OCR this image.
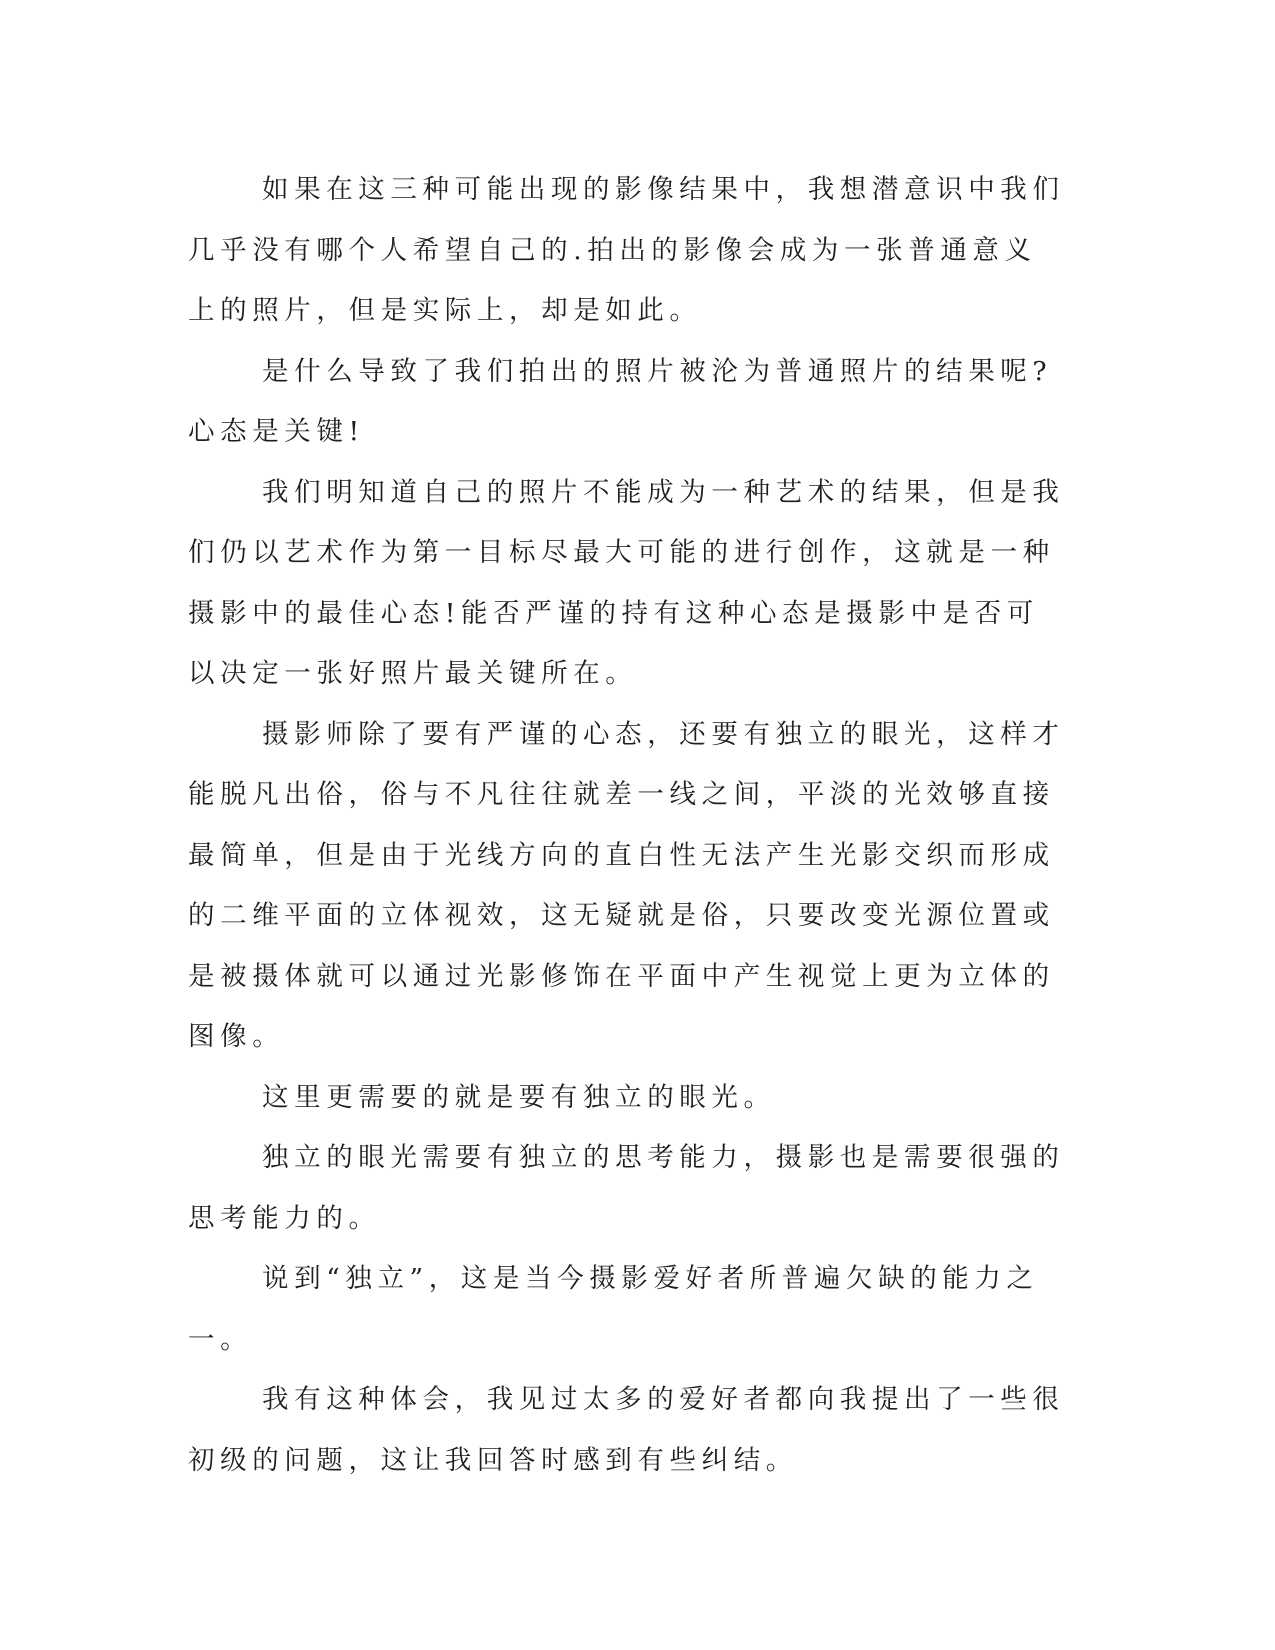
如果在这三种可能出现的影像结果中，我想潜意识中我们几乎没有哪个人希望自己的.拍出的影像会成为一张普通意义上的照片，但是实际上，却是如此。

是什么导致了我们拍出的照片被沦为普通照片的结果呢?心态是关键!

我们明知道自己的照片不能成为一种艺术的结果，但是我们仍以艺术作为第一目标尽最大可能的进行创作，这就是一种摄影中的最佳心态!能否严谨的持有这种心态是摄影中是否可以决定一张好照片最关键所在。

摄影师除了要有严谨的心态，还要有独立的眼光，这样才能脱凡出俗，俗与不凡往往就差一线之间，平淡的光效够直接最简单，但是由于光线方向的直白性无法产生光影交织而形成的二维平面的立体视效，这无疑就是俗，只要改变光源位置或是被摄体就可以通过光影修饰在平面中产生视觉上更为立体的图像。

这里更需要的就是要有独立的眼光。

独立的眼光需要有独立的思考能力，摄影也是需要很强的思考能力的。

说到“独立”，这是当今摄影爱好者所普遍欠缺的能力之一。

我有这种体会，我见过太多的爱好者都向我提出了一些很初级的问题，这让我回答时感到有些纠结。
